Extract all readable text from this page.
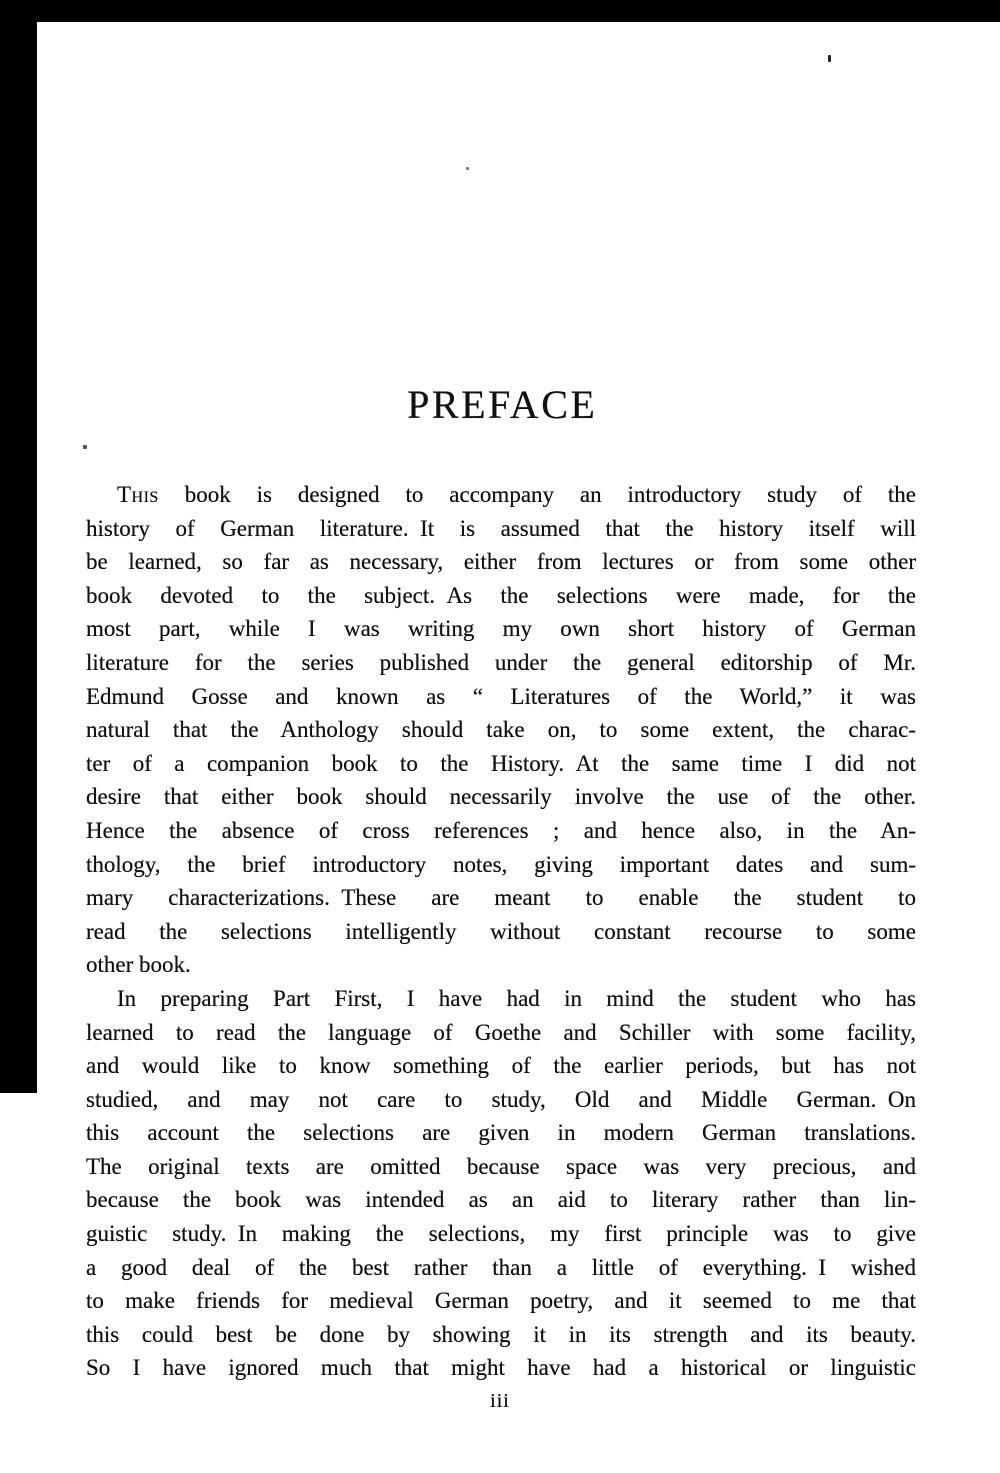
PREFACE
This book is designed to accompany an introductory study of the
history of German literature. It is assumed that the history itself will
be learned, so far as necessary, either from lectures or from some other
book devoted to the subject. As the selections were made, for the
most part, while I was writing my own short history of German
literature for the series published under the general editorship of Mr.
Edmund Gosse and known as “ Literatures of the World,” it was
natural that the Anthology should take on, to some extent, the charac-
ter of a companion book to the History. At the same time I did not
desire that either book should necessarily involve the use of the other.
Hence the absence of cross references ; and hence also, in the An-
thology, the brief introductory notes, giving important dates and sum-
mary characterizations. These are meant to enable the student to
read the selections intelligently without constant recourse to some
other book.
In preparing Part First, I have had in mind the student who has
learned to read the language of Goethe and Schiller with some facility,
and would like to know something of the earlier periods, but has not
studied, and may not care to study, Old and Middle German. On
this account the selections are given in modern German translations.
The original texts are omitted because space was very precious, and
because the book was intended as an aid to literary rather than lin-
guistic study. In making the selections, my first principle was to give
a good deal of the best rather than a little of everything. I wished
to make friends for medieval German poetry, and it seemed to me that
this could best be done by showing it in its strength and its beauty.
So I have ignored much that might have had a historical or linguistic
iii
